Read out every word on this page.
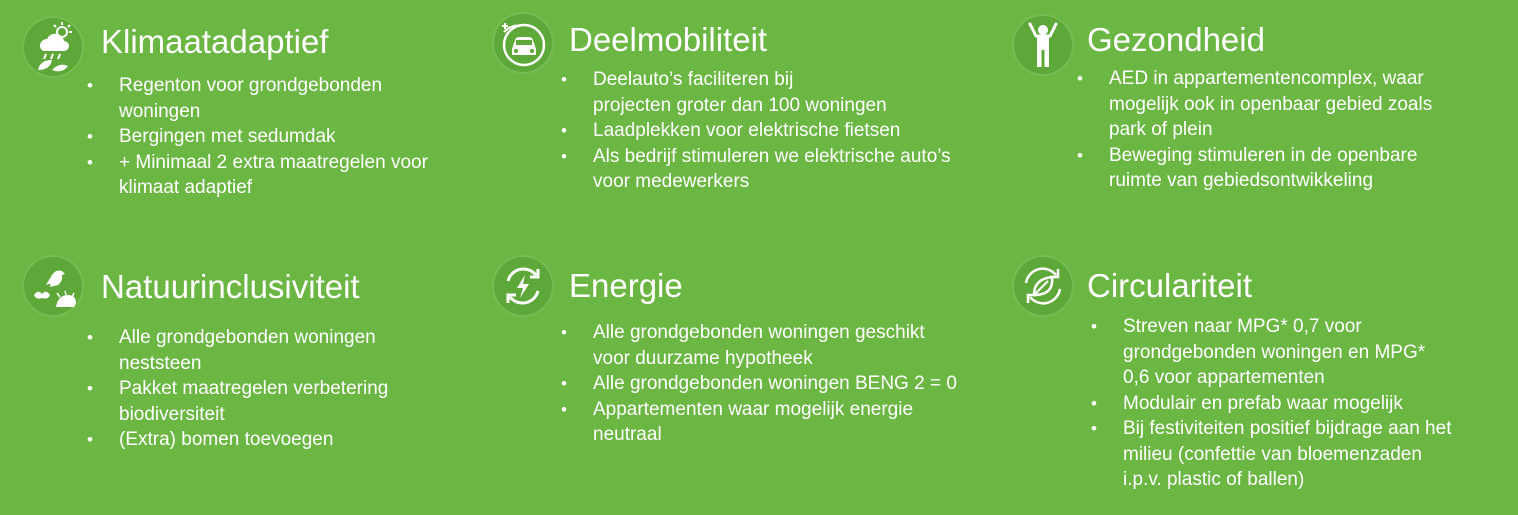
Klimaatadaptief
• Regenton voor grondgebonden
woningen
• Bergingen met sedumdak
• + Minimaal 2 extra maatregelen voor
klimaat adaptief
Deelmobiliteit
• Deelauto’s faciliteren bij
projecten groter dan 100 woningen
• Laadplekken voor elektrische fietsen
• Als bedrijf stimuleren we elektrische auto’s
voor medewerkers
Gezondheid
• AED in appartementencomplex, waar
mogelijk ook in openbaar gebied zoals
park of plein
• Beweging stimuleren in de openbare
ruimte van gebiedsontwikkeling
Natuurinclusiviteit
• Alle grondgebonden woningen
neststeen
• Pakket maatregelen verbetering
biodiversiteit
• (Extra) bomen toevoegen
Energie
• Alle grondgebonden woningen geschikt
voor duurzame hypotheek
• Alle grondgebonden woningen BENG 2 = 0
• Appartementen waar mogelijk energie
neutraal
Circulariteit
• Streven naar MPG* 0,7 voor
grondgebonden woningen en MPG*
0,6 voor appartementen
• Modulair en prefab waar mogelijk
• Bij festiviteiten positief bijdrage aan het
milieu (confettie van bloemenzaden
i.p.v. plastic of ballen)
